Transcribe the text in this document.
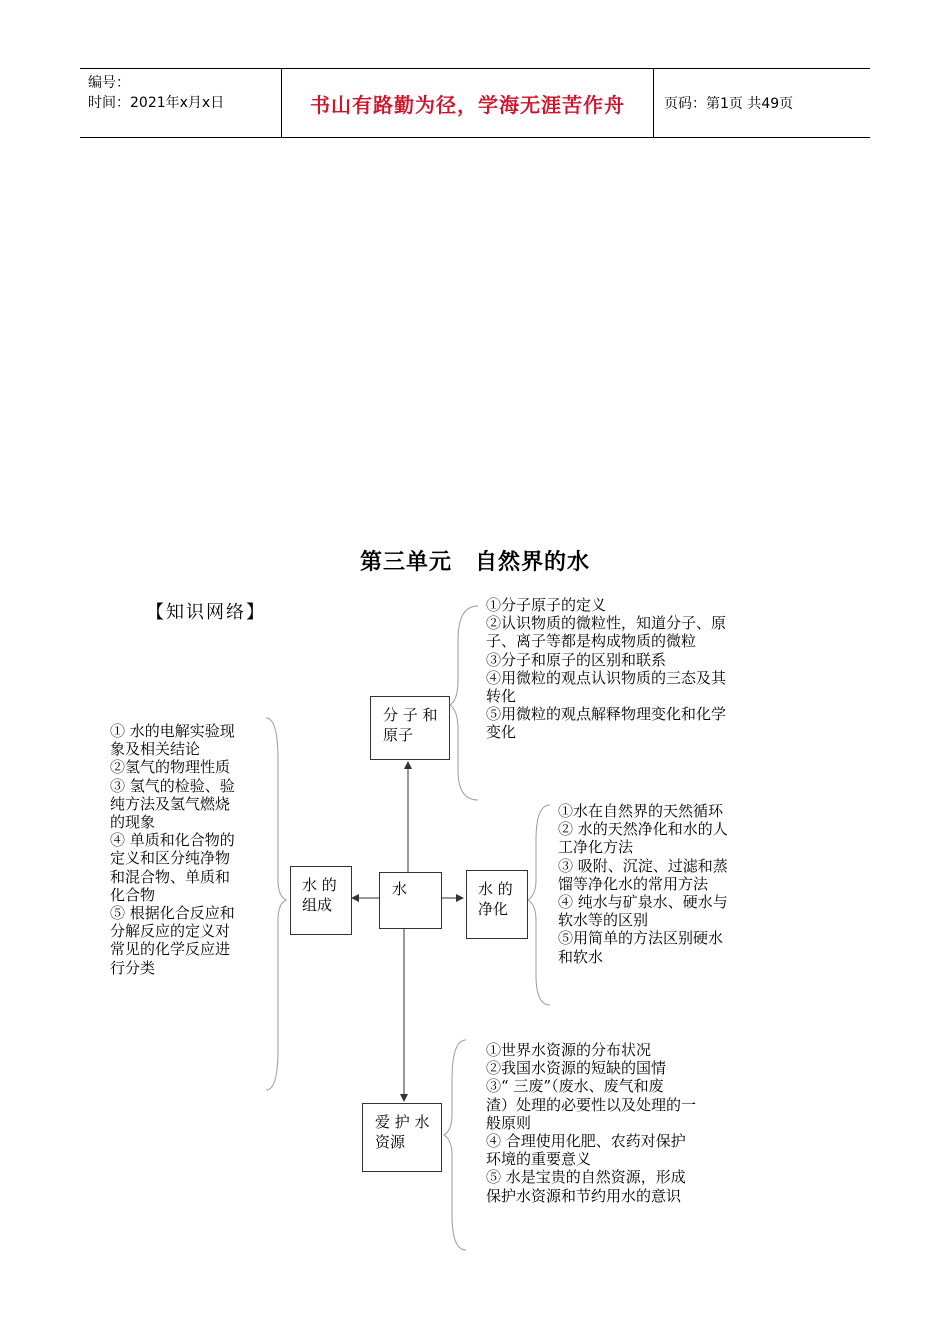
编号：
时间：2021年x月x日	书山有路勤为径，学海无涯苦作舟	页码：第1页 共49页
第三单元　自然界的水
【知识网络】
分 子 和
原子
水
水 的
组成
水 的
净化
爱 护 水
资源
①分子原子的定义
②认识物质的微粒性，知道分子、原
子、离子等都是构成物质的微粒
③分子和原子的区别和联系
④用微粒的观点认识物质的三态及其
转化
⑤用微粒的观点解释物理变化和化学
变化
① 水的电解实验现
象及相关结论
②氢气的物理性质
③ 氢气的检验、验
纯方法及氢气燃烧
的现象
④ 单质和化合物的
定义和区分纯净物
和混合物、单质和
化合物
⑤ 根据化合反应和
分解反应的定义对
常见的化学反应进
行分类
①水在自然界的天然循环
② 水的天然净化和水的人
工净化方法
③ 吸附、沉淀、过滤和蒸
馏等净化水的常用方法
④ 纯水与矿泉水、硬水与
软水等的区别
⑤用简单的方法区别硬水
和软水
①世界水资源的分布状况
②我国水资源的短缺的国情
③“ 三废”（废水、废气和废
渣）处理的必要性以及处理的一
般原则
④ 合理使用化肥、农药对保护
环境的重要意义
⑤ 水是宝贵的自然资源，形成
保护水资源和节约用水的意识
